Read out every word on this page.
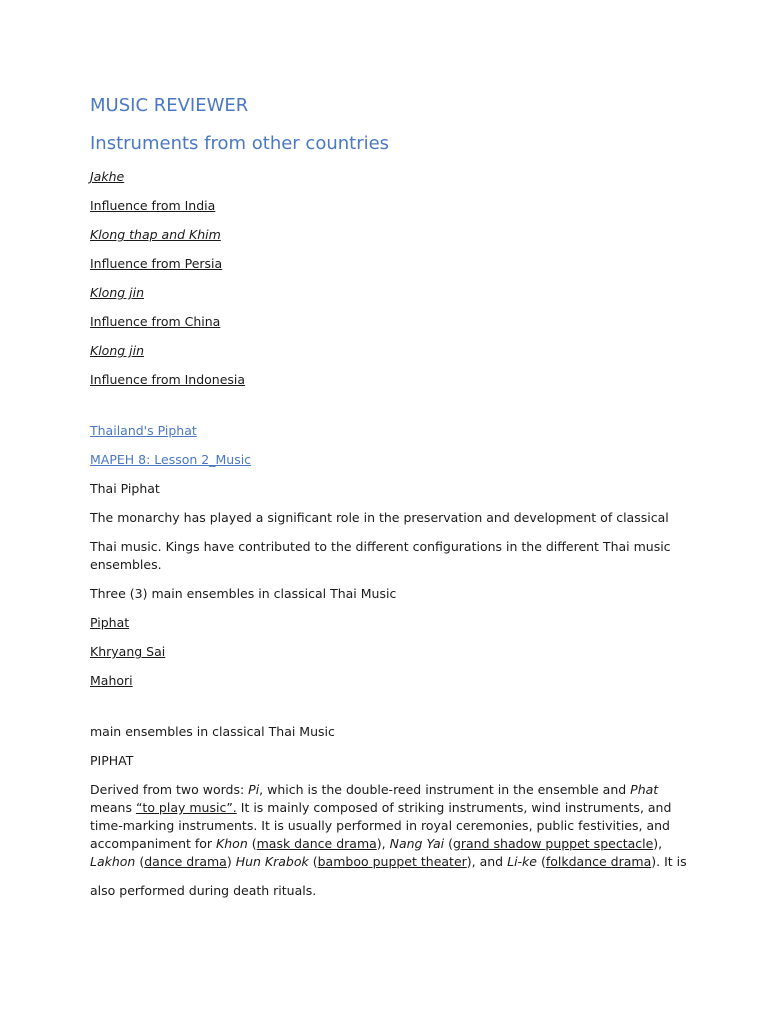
MUSIC REVIEWER
Instruments from other countries
Jakhe
Influence from India
Klong thap and Khim
Influence from Persia
Klong jin
Influence from China
Klong jin
Influence from Indonesia
Thailand's Piphat
MAPEH 8: Lesson 2_Music
Thai Piphat
The monarchy has played a significant role in the preservation and development of classical
Thai music. Kings have contributed to the different configurations in the different Thai music ensembles.
Three (3) main ensembles in classical Thai Music
Piphat
Khryang Sai
Mahori
main ensembles in classical Thai Music
PIPHAT
Derived from two words: Pi, which is the double-reed instrument in the ensemble and Phat means “to play music”. It is mainly composed of striking instruments, wind instruments, and time-marking instruments. It is usually performed in royal ceremonies, public festivities, and accompaniment for Khon (mask dance drama), Nang Yai (grand shadow puppet spectacle), Lakhon (dance drama) Hun Krabok (bamboo puppet theater), and Li-ke (folkdance drama). It is
also performed during death rituals.
